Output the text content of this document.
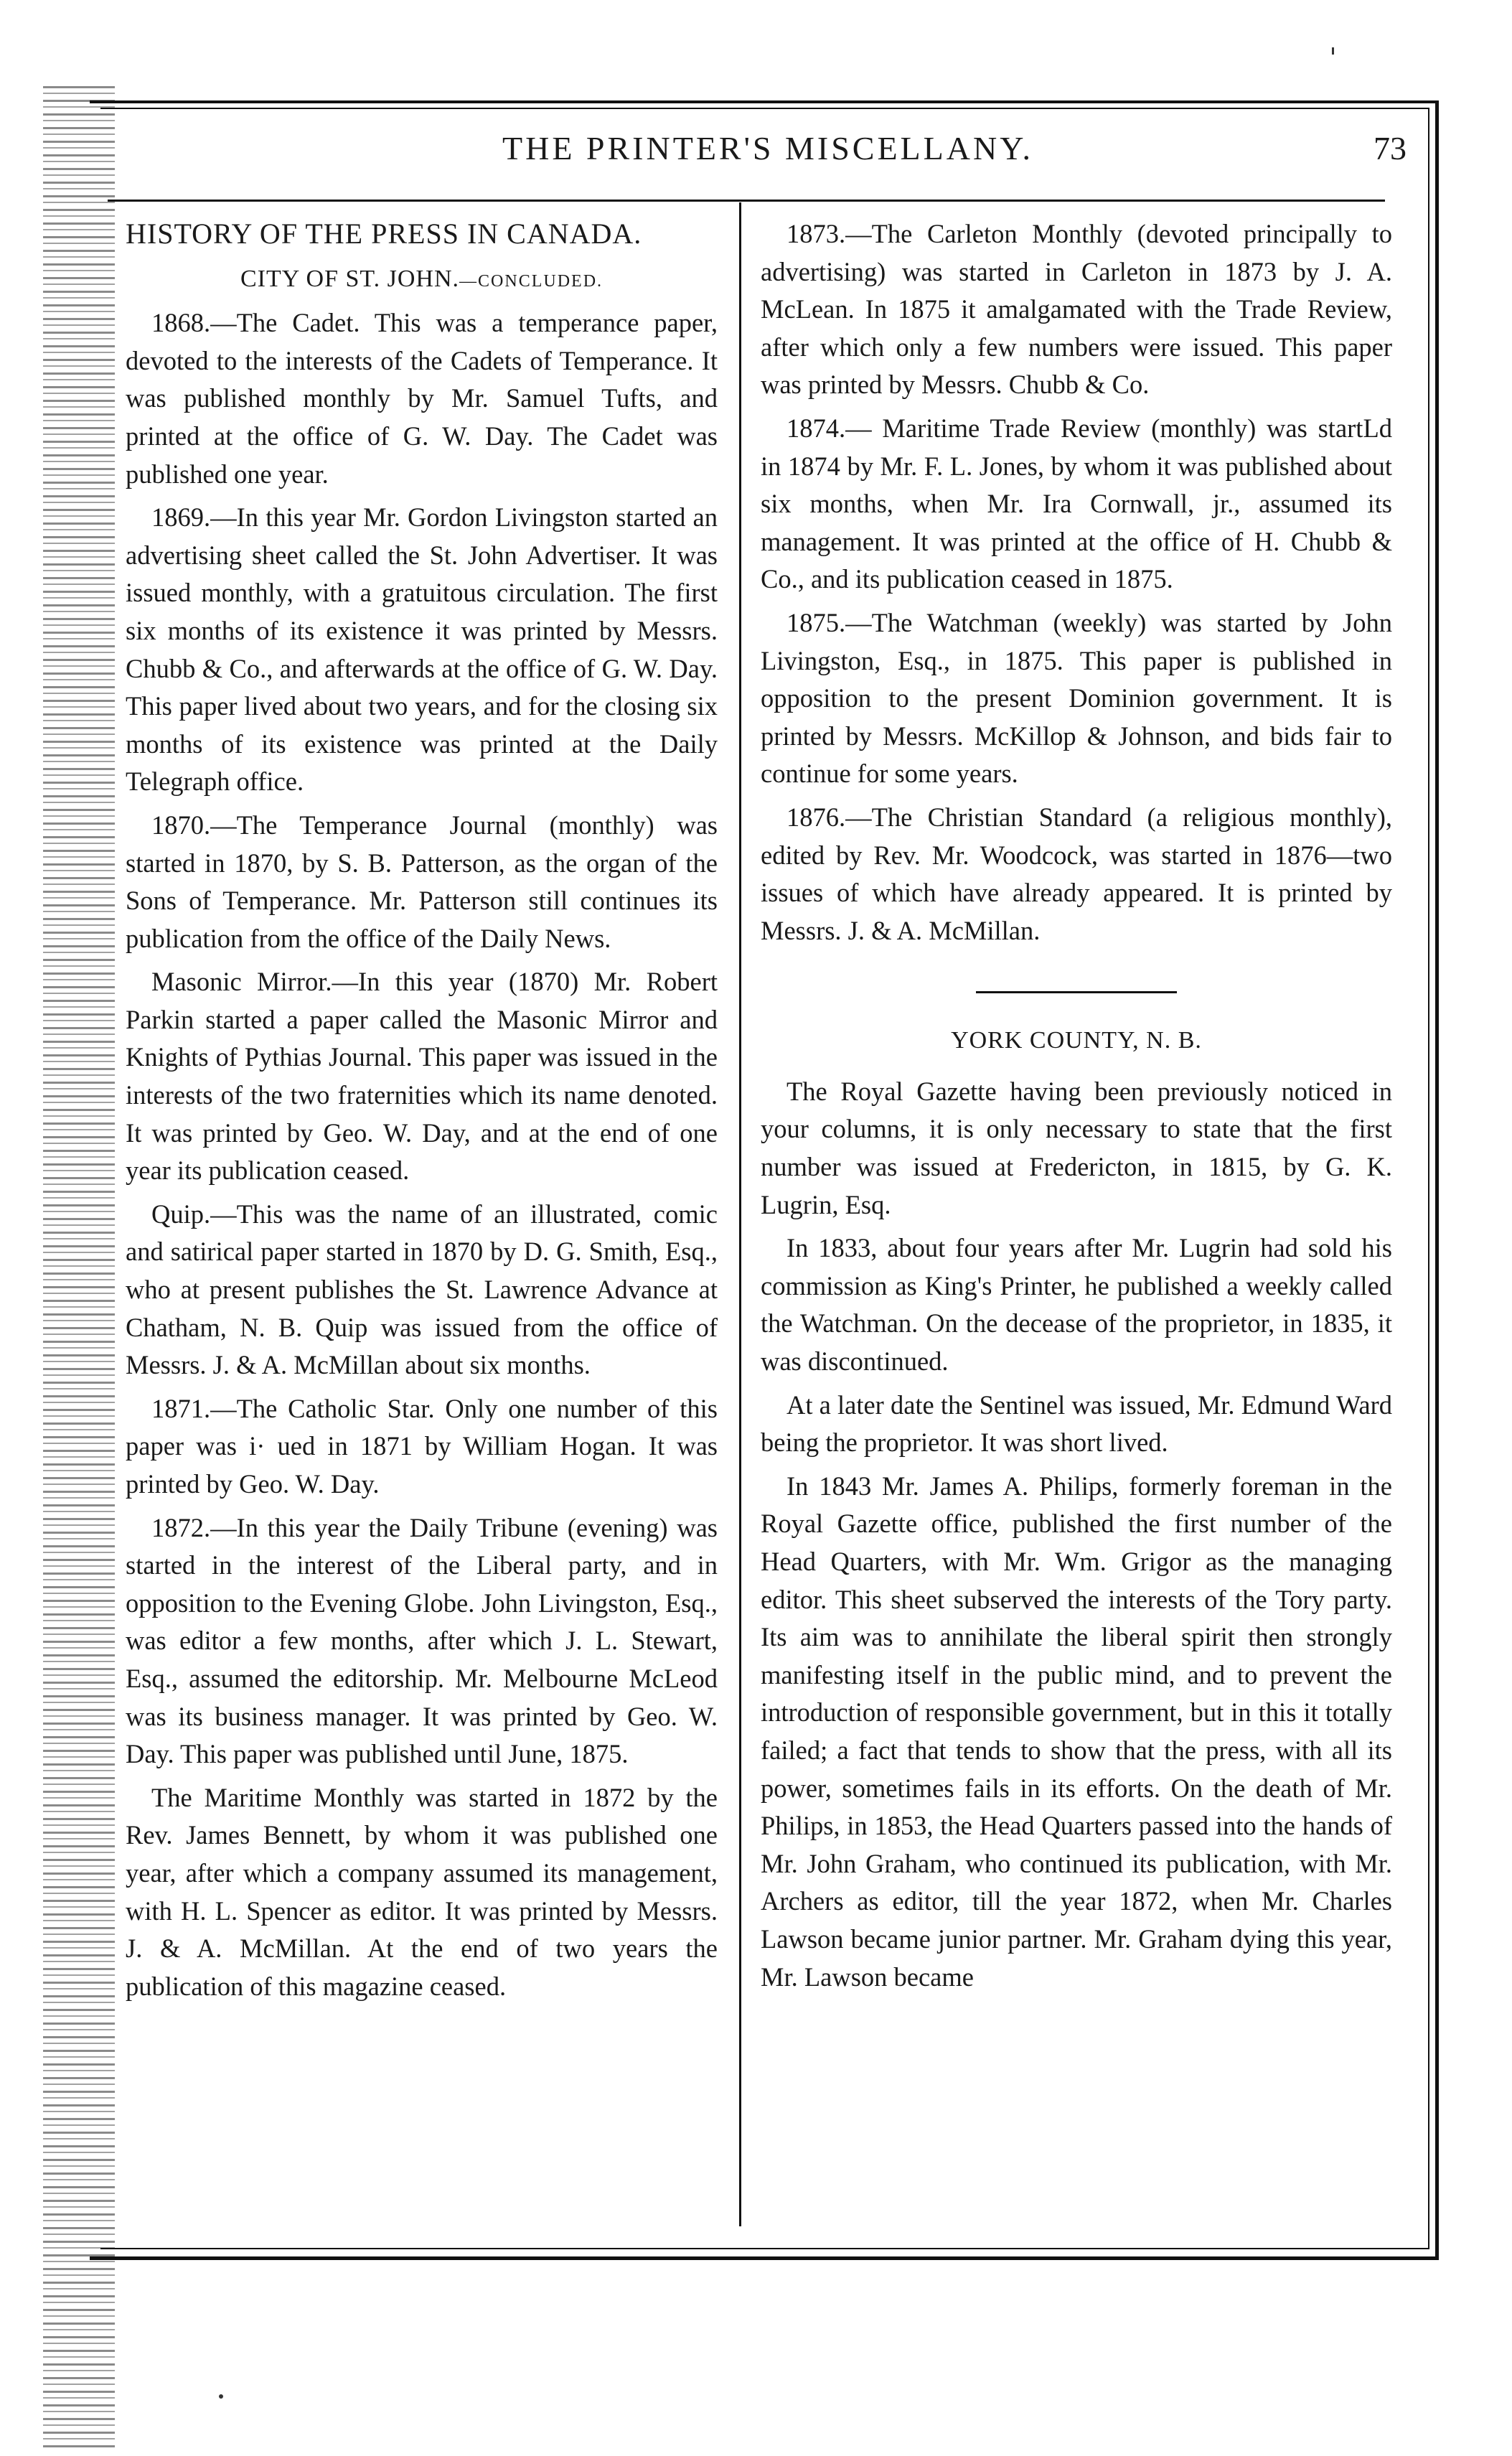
THE PRINTER'S MISCELLANY.	73
HISTORY OF THE PRESS IN CANADA.
CITY OF ST. JOHN.—CONCLUDED.

1868.—The Cadet. This was a temperance paper, devoted to the interests of the Cadets of Temperance. It was published monthly by Mr. Samuel Tufts, and printed at the office of G. W. Day. The Cadet was published one year.

1869.—In this year Mr. Gordon Livingston started an advertising sheet called the St. John Advertiser. It was issued monthly, with a gratuitous circulation. The first six months of its existence it was printed by Messrs. Chubb & Co., and afterwards at the office of G. W. Day. This paper lived about two years, and for the closing six months of its existence was printed at the Daily Telegraph office.

1870.—The Temperance Journal (monthly) was started in 1870, by S. B. Patterson, as the organ of the Sons of Temperance. Mr. Patterson still continues its publication from the office of the Daily News.

Masonic Mirror.—In this year (1870) Mr. Robert Parkin started a paper called the Masonic Mirror and Knights of Pythias Journal. This paper was issued in the interests of the two fraternities which its name denoted. It was printed by Geo. W. Day, and at the end of one year its publication ceased.

Quip.—This was the name of an illustrated, comic and satirical paper started in 1870 by D. G. Smith, Esq., who at present publishes the St. Lawrence Advance at Chatham, N. B. Quip was issued from the office of Messrs. J. & A. McMillan about six months.

1871.—The Catholic Star. Only one number of this paper was i· ued in 1871 by William Hogan. It was printed by Geo. W. Day.

1872.—In this year the Daily Tribune (evening) was started in the interest of the Liberal party, and in opposition to the Evening Globe. John Livingston, Esq., was editor a few months, after which J. L. Stewart, Esq., assumed the editorship. Mr. Melbourne McLeod was its business manager. It was printed by Geo. W. Day. This paper was published until June, 1875.

The Maritime Monthly was started in 1872 by the Rev. James Bennett, by whom it was published one year, after which a company assumed its management, with H. L. Spencer as editor. It was printed by Messrs. J. & A. McMillan. At the end of two years the publication of this magazine ceased.

1873.—The Carleton Monthly (devoted principally to advertising) was started in Carleton in 1873 by J. A. McLean. In 1875 it amalgamated with the Trade Review, after which only a few numbers were issued. This paper was printed by Messrs. Chubb & Co.

1874.— Maritime Trade Review (monthly) was startLd in 1874 by Mr. F. L. Jones, by whom it was published about six months, when Mr. Ira Cornwall, jr., assumed its management. It was printed at the office of H. Chubb & Co., and its publication ceased in 1875.

1875.—The Watchman (weekly) was started by John Livingston, Esq., in 1875. This paper is published in opposition to the present Dominion government. It is printed by Messrs. McKillop & Johnson, and bids fair to continue for some years.

1876.—The Christian Standard (a religious monthly), edited by Rev. Mr. Woodcock, was started in 1876—two issues of which have already appeared. It is printed by Messrs. J. & A. McMillan.

YORK COUNTY, N. B.

The Royal Gazette having been previously noticed in your columns, it is only necessary to state that the first number was issued at Fredericton, in 1815, by G. K. Lugrin, Esq.

In 1833, about four years after Mr. Lugrin had sold his commission as King's Printer, he published a weekly called the Watchman. On the decease of the proprietor, in 1835, it was discontinued.

At a later date the Sentinel was issued, Mr. Edmund Ward being the proprietor. It was short lived.

In 1843 Mr. James A. Philips, formerly foreman in the Royal Gazette office, published the first number of the Head Quarters, with Mr. Wm. Grigor as the managing editor. This sheet subserved the interests of the Tory party. Its aim was to annihilate the liberal spirit then strongly manifesting itself in the public mind, and to prevent the introduction of responsible government, but in this it totally failed; a fact that tends to show that the press, with all its power, sometimes fails in its efforts. On the death of Mr. Philips, in 1853, the Head Quarters passed into the hands of Mr. John Graham, who continued its publication, with Mr. Archers as editor, till the year 1872, when Mr. Charles Lawson became junior partner. Mr. Graham dying this year, Mr. Lawson became
